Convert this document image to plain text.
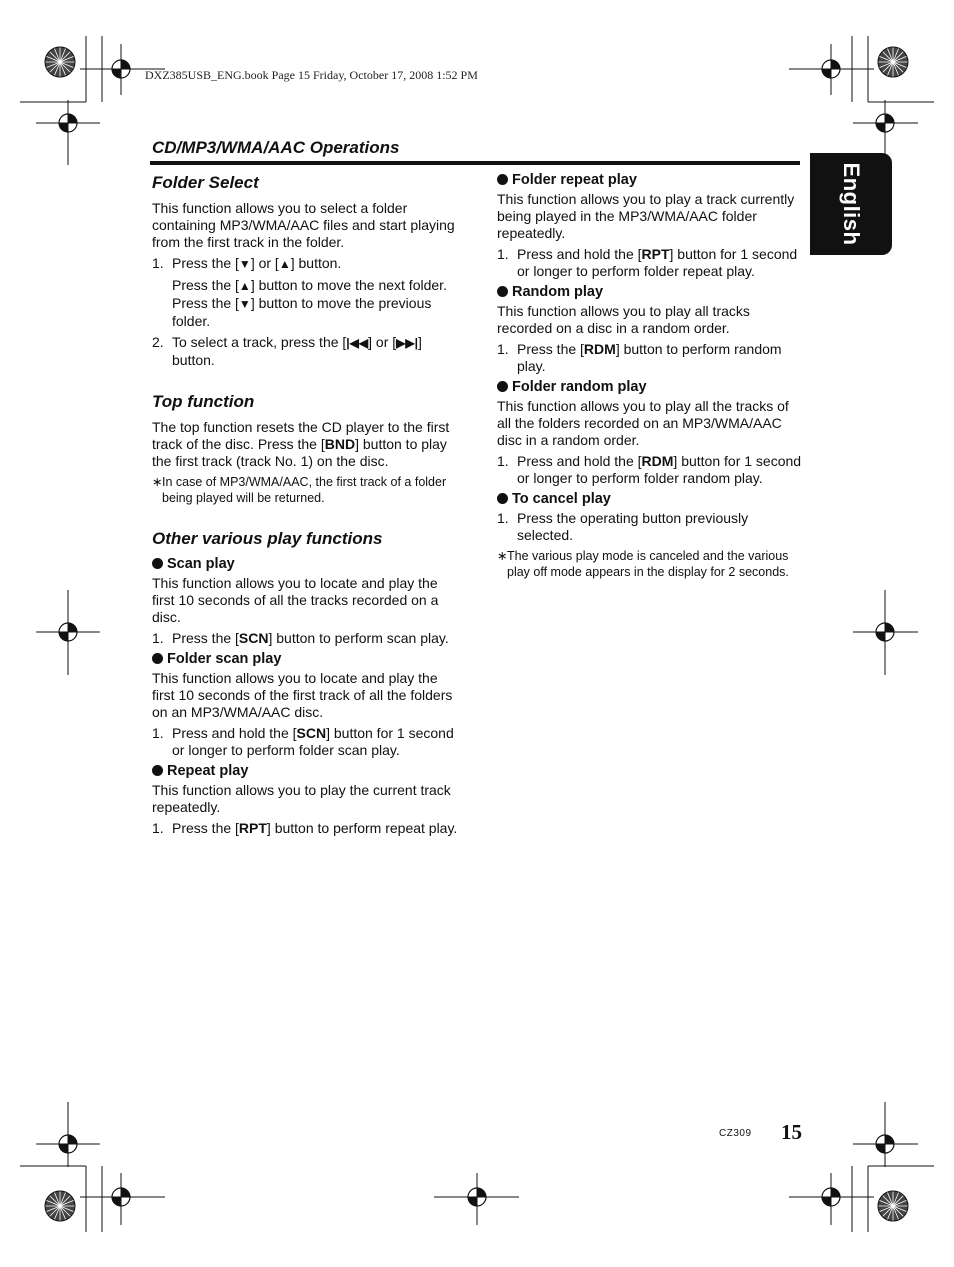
DXZ385USB_ENG.book Page 15 Friday, October 17, 2008 1:52 PM
CD/MP3/WMA/AAC Operations
English
Folder Select

This function allows you to select a folder containing MP3/WMA/AAC files and start playing from the first track in the folder.

1. Press the [▼] or [▲] button.
Press the [▲] button to move the next folder.
Press the [▼] button to move the previous folder.
2. To select a track, press the [|◀◀] or [▶▶|] button.
Top function

The top function resets the CD player to the first track of the disc. Press the [BND] button to play the first track (track No. 1) on the disc.

∗ In case of MP3/WMA/AAC, the first track of a folder being played will be returned.
Other various play functions
Scan play

This function allows you to locate and play the first 10 seconds of all the tracks recorded on a disc.

1. Press the [SCN] button to perform scan play.
Folder scan play

This function allows you to locate and play the first 10 seconds of the first track of all the folders on an MP3/WMA/AAC disc.

1. Press and hold the [SCN] button for 1 second or longer to perform folder scan play.
Repeat play

This function allows you to play the current track repeatedly.

1. Press the [RPT] button to perform repeat play.
Folder repeat play

This function allows you to play a track currently being played in the MP3/WMA/AAC folder repeatedly.

1. Press and hold the [RPT] button for 1 second or longer to perform folder repeat play.
Random play

This function allows you to play all tracks recorded on a disc in a random order.

1. Press the [RDM] button to perform random play.
Folder random play

This function allows you to play all the tracks of all the folders recorded on an MP3/WMA/AAC disc in a random order.

1. Press and hold the [RDM] button for 1 second or longer to perform folder random play.
To cancel play
1. Press the operating button previously selected.
∗ The various play mode is canceled and the various play off mode appears in the display for 2 seconds.
CZ309 15
